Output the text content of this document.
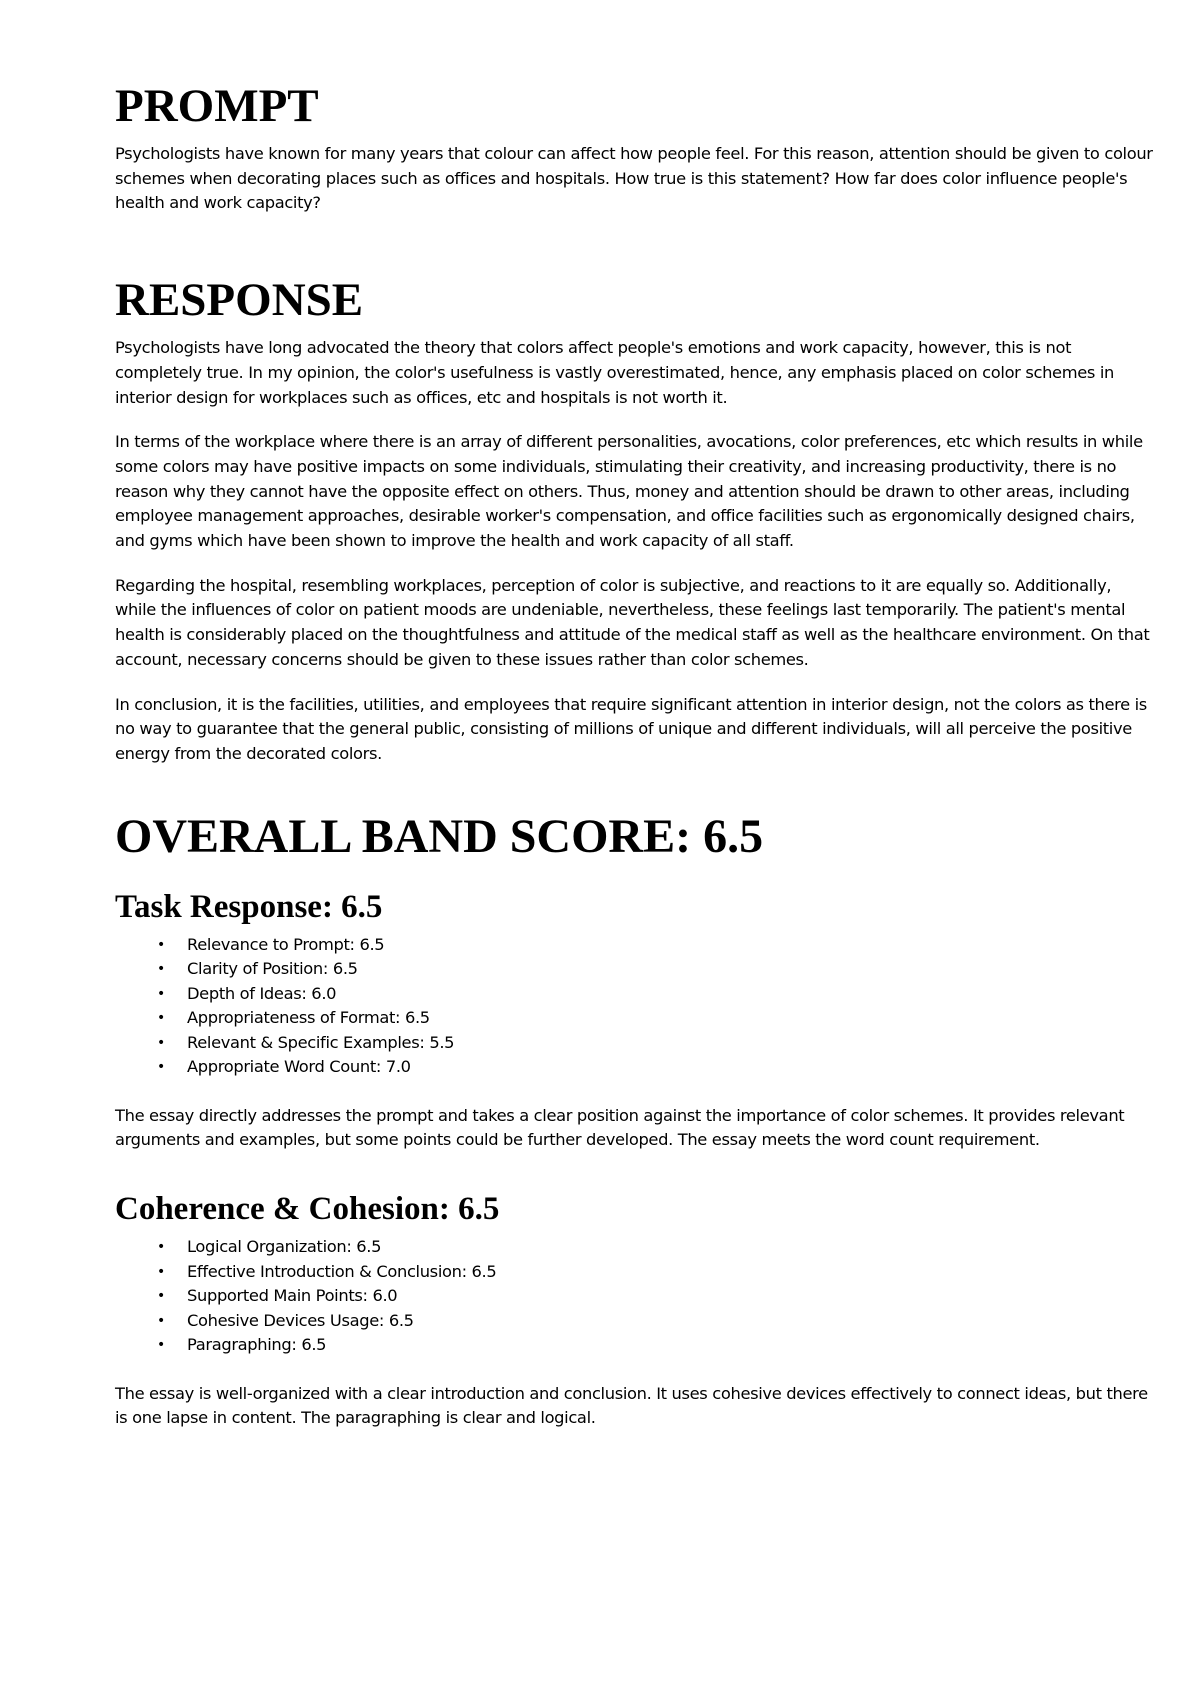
PROMPT

Psychologists have known for many years that colour can affect how people feel. For this reason, attention should be given to colour schemes when decorating places such as offices and hospitals. How true is this statement? How far does color influence people's health and work capacity?

RESPONSE

Psychologists have long advocated the theory that colors affect people's emotions and work capacity, however, this is not completely true. In my opinion, the color's usefulness is vastly overestimated, hence, any emphasis placed on color schemes in interior design for workplaces such as offices, etc and hospitals is not worth it.

In terms of the workplace where there is an array of different personalities, avocations, color preferences, etc which results in while some colors may have positive impacts on some individuals, stimulating their creativity, and increasing productivity, there is no reason why they cannot have the opposite effect on others. Thus, money and attention should be drawn to other areas, including employee management approaches, desirable worker's compensation, and office facilities such as ergonomically designed chairs, and gyms which have been shown to improve the health and work capacity of all staff.

Regarding the hospital, resembling workplaces, perception of color is subjective, and reactions to it are equally so. Additionally, while the influences of color on patient moods are undeniable, nevertheless, these feelings last temporarily. The patient's mental health is considerably placed on the thoughtfulness and attitude of the medical staff as well as the healthcare environment. On that account, necessary concerns should be given to these issues rather than color schemes.

In conclusion, it is the facilities, utilities, and employees that require significant attention in interior design, not the colors as there is no way to guarantee that the general public, consisting of millions of unique and different individuals, will all perceive the positive energy from the decorated colors.

OVERALL BAND SCORE: 6.5
Task Response: 6.5
• Relevance to Prompt: 6.5
• Clarity of Position: 6.5
• Depth of Ideas: 6.0
• Appropriateness of Format: 6.5
• Relevant & Specific Examples: 5.5
• Appropriate Word Count: 7.0

The essay directly addresses the prompt and takes a clear position against the importance of color schemes. It provides relevant arguments and examples, but some points could be further developed. The essay meets the word count requirement.

Coherence & Cohesion: 6.5
• Logical Organization: 6.5
• Effective Introduction & Conclusion: 6.5
• Supported Main Points: 6.0
• Cohesive Devices Usage: 6.5
• Paragraphing: 6.5

The essay is well-organized with a clear introduction and conclusion. It uses cohesive devices effectively to connect ideas, but there is one lapse in content. The paragraphing is clear and logical.
